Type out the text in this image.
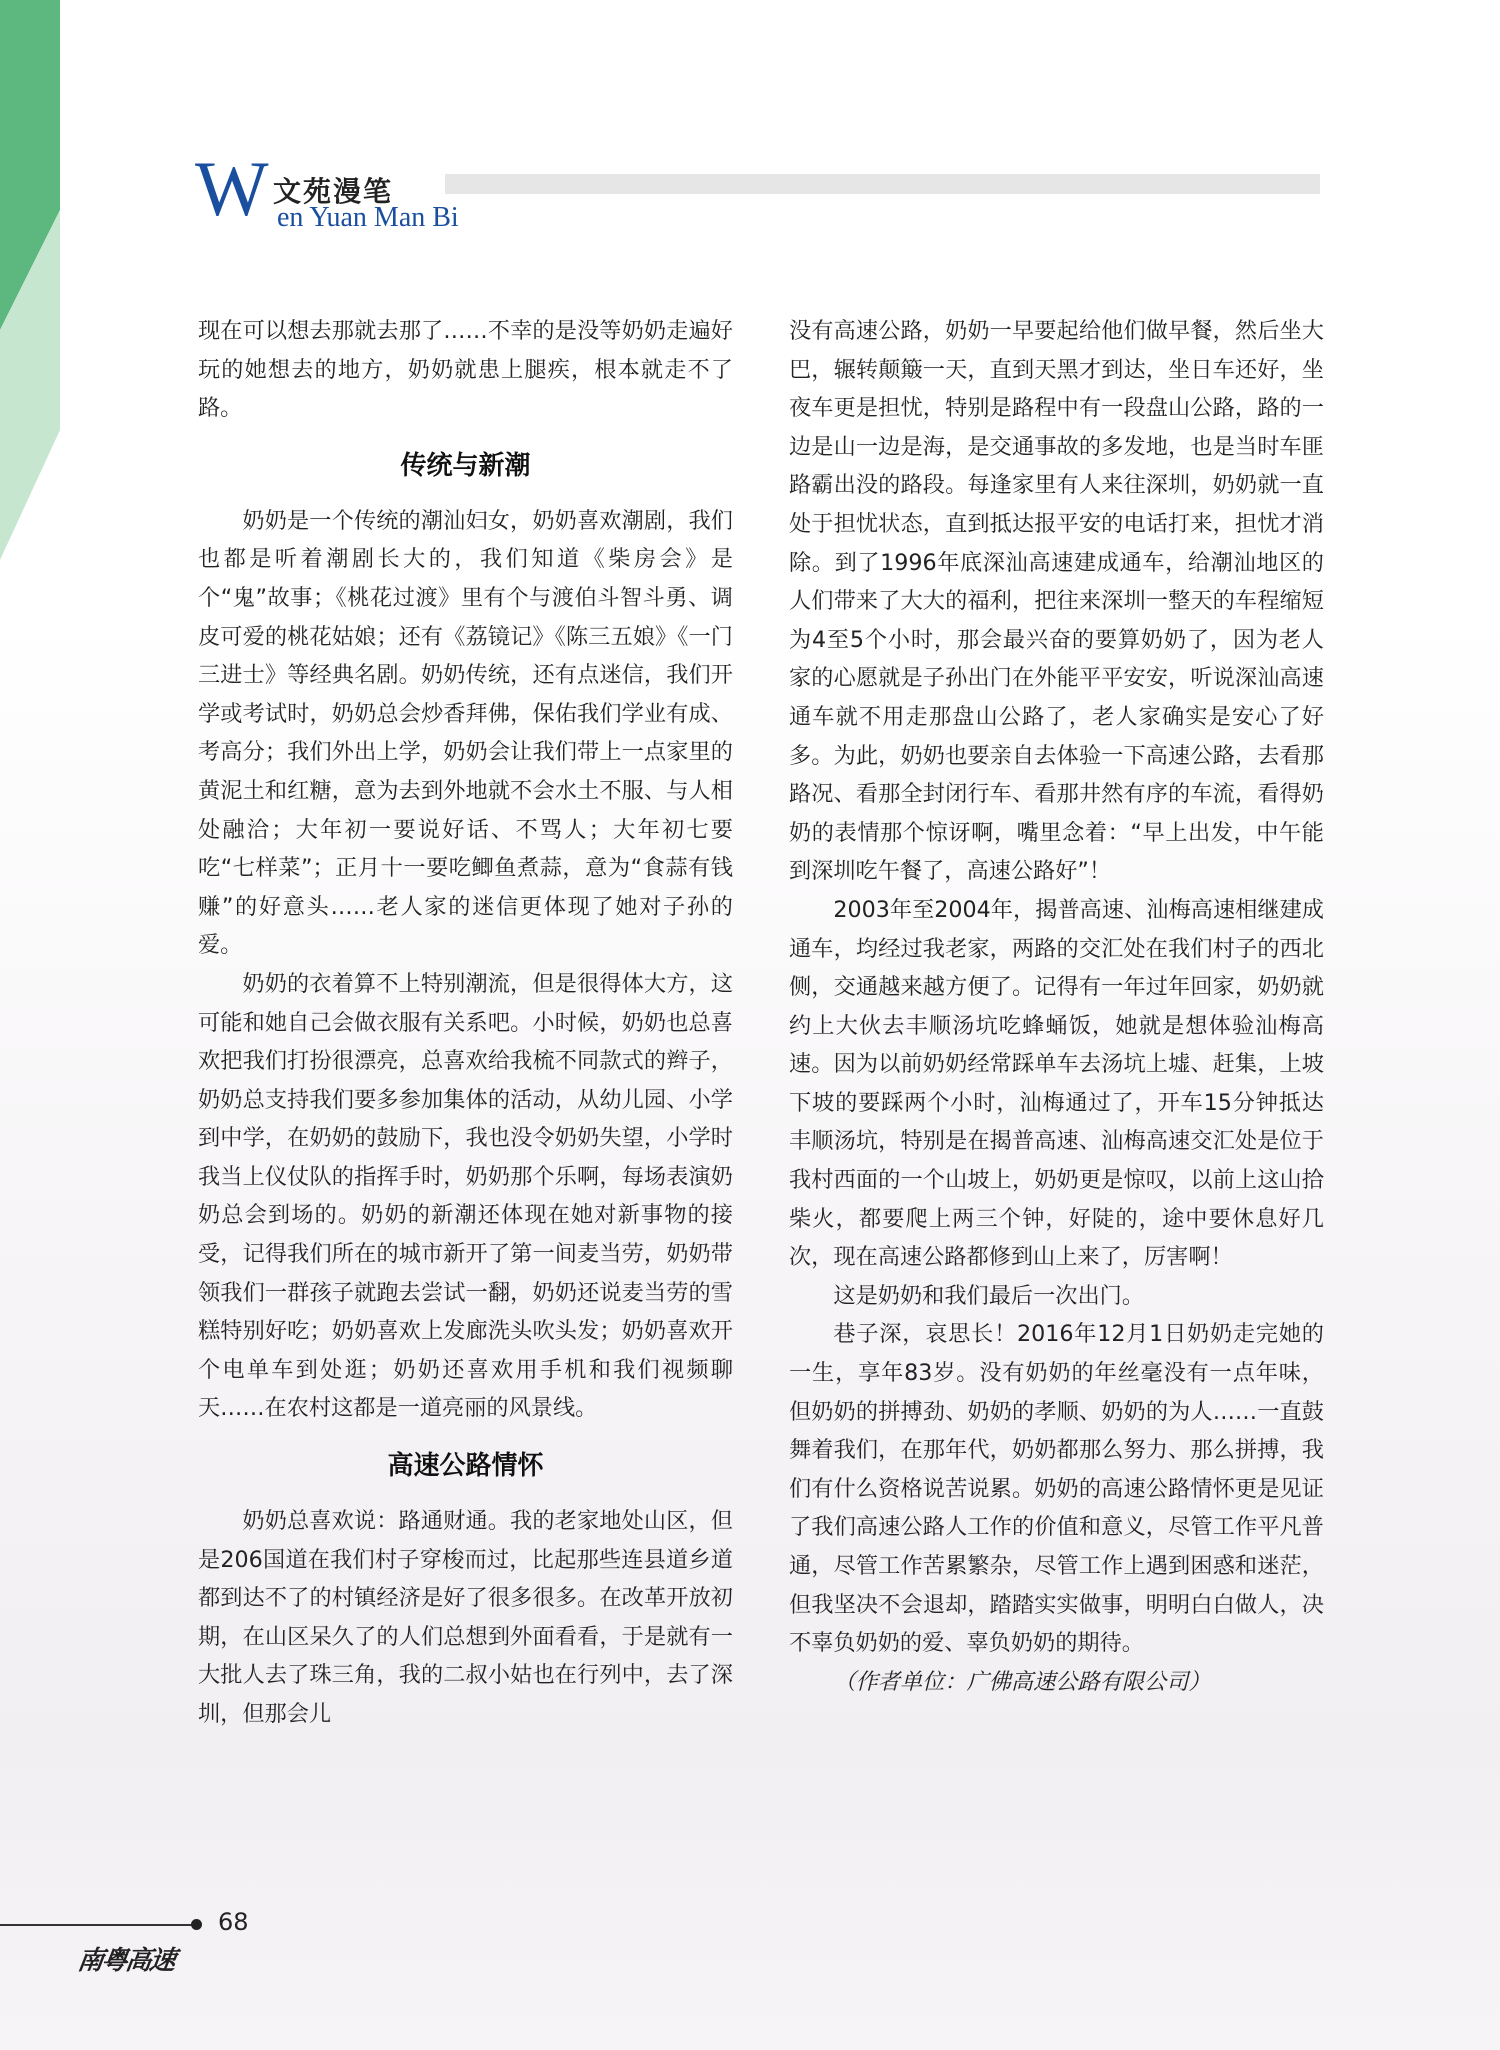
W 文苑漫笔
en Yuan Man Bi

现在可以想去那就去那了……不幸的是没等奶奶走遍好玩的她想去的地方，奶奶就患上腿疾，根本就走不了路。

传统与新潮

奶奶是一个传统的潮汕妇女，奶奶喜欢潮剧，我们也都是听着潮剧长大的，我们知道《柴房会》是个“鬼”故事；《桃花过渡》里有个与渡伯斗智斗勇、调皮可爱的桃花姑娘；还有《荔镜记》《陈三五娘》《一门三进士》等经典名剧。奶奶传统，还有点迷信，我们开学或考试时，奶奶总会炒香拜佛，保佑我们学业有成、考高分；我们外出上学，奶奶会让我们带上一点家里的黄泥土和红糖，意为去到外地就不会水土不服、与人相处融洽；大年初一要说好话、不骂人；大年初七要吃“七样菜”；正月十一要吃鲫鱼煮蒜，意为“食蒜有钱赚”的好意头……老人家的迷信更体现了她对子孙的爱。

奶奶的衣着算不上特别潮流，但是很得体大方，这可能和她自己会做衣服有关系吧。小时候，奶奶也总喜欢把我们打扮很漂亮，总喜欢给我梳不同款式的辫子，奶奶总支持我们要多参加集体的活动，从幼儿园、小学到中学，在奶奶的鼓励下，我也没令奶奶失望，小学时我当上仪仗队的指挥手时，奶奶那个乐啊，每场表演奶奶总会到场的。奶奶的新潮还体现在她对新事物的接受，记得我们所在的城市新开了第一间麦当劳，奶奶带领我们一群孩子就跑去尝试一翻，奶奶还说麦当劳的雪糕特别好吃；奶奶喜欢上发廊洗头吹头发；奶奶喜欢开个电单车到处逛；奶奶还喜欢用手机和我们视频聊天……在农村这都是一道亮丽的风景线。

高速公路情怀

奶奶总喜欢说：路通财通。我的老家地处山区，但是206国道在我们村子穿梭而过，比起那些连县道乡道都到达不了的村镇经济是好了很多很多。在改革开放初期，在山区呆久了的人们总想到外面看看，于是就有一大批人去了珠三角，我的二叔小姑也在行列中，去了深圳，但那会儿

没有高速公路，奶奶一早要起给他们做早餐，然后坐大巴，辗转颠簸一天，直到天黑才到达，坐日车还好，坐夜车更是担忧，特别是路程中有一段盘山公路，路的一边是山一边是海，是交通事故的多发地，也是当时车匪路霸出没的路段。每逢家里有人来往深圳，奶奶就一直处于担忧状态，直到抵达报平安的电话打来，担忧才消除。到了1996年底深汕高速建成通车，给潮汕地区的人们带来了大大的福利，把往来深圳一整天的车程缩短为4至5个小时，那会最兴奋的要算奶奶了，因为老人家的心愿就是子孙出门在外能平平安安，听说深汕高速通车就不用走那盘山公路了，老人家确实是安心了好多。为此，奶奶也要亲自去体验一下高速公路，去看那路况、看那全封闭行车、看那井然有序的车流，看得奶奶的表情那个惊讶啊，嘴里念着：“早上出发，中午能到深圳吃午餐了，高速公路好”！

2003年至2004年，揭普高速、汕梅高速相继建成通车，均经过我老家，两路的交汇处在我们村子的西北侧，交通越来越方便了。记得有一年过年回家，奶奶就约上大伙去丰顺汤坑吃蜂蛹饭，她就是想体验汕梅高速。因为以前奶奶经常踩单车去汤坑上墟、赶集，上坡下坡的要踩两个小时，汕梅通过了，开车15分钟抵达丰顺汤坑，特别是在揭普高速、汕梅高速交汇处是位于我村西面的一个山坡上，奶奶更是惊叹，以前上这山拾柴火，都要爬上两三个钟，好陡的，途中要休息好几次，现在高速公路都修到山上来了，厉害啊！

这是奶奶和我们最后一次出门。

巷子深，哀思长！2016年12月1日奶奶走完她的一生，享年83岁。没有奶奶的年丝毫没有一点年味，但奶奶的拼搏劲、奶奶的孝顺、奶奶的为人……一直鼓舞着我们，在那年代，奶奶都那么努力、那么拼搏，我们有什么资格说苦说累。奶奶的高速公路情怀更是见证了我们高速公路人工作的价值和意义，尽管工作平凡普通，尽管工作苦累繁杂，尽管工作上遇到困惑和迷茫，但我坚决不会退却，踏踏实实做事，明明白白做人，决不辜负奶奶的爱、辜负奶奶的期待。

（作者单位：广佛高速公路有限公司）

68
南粤高速
